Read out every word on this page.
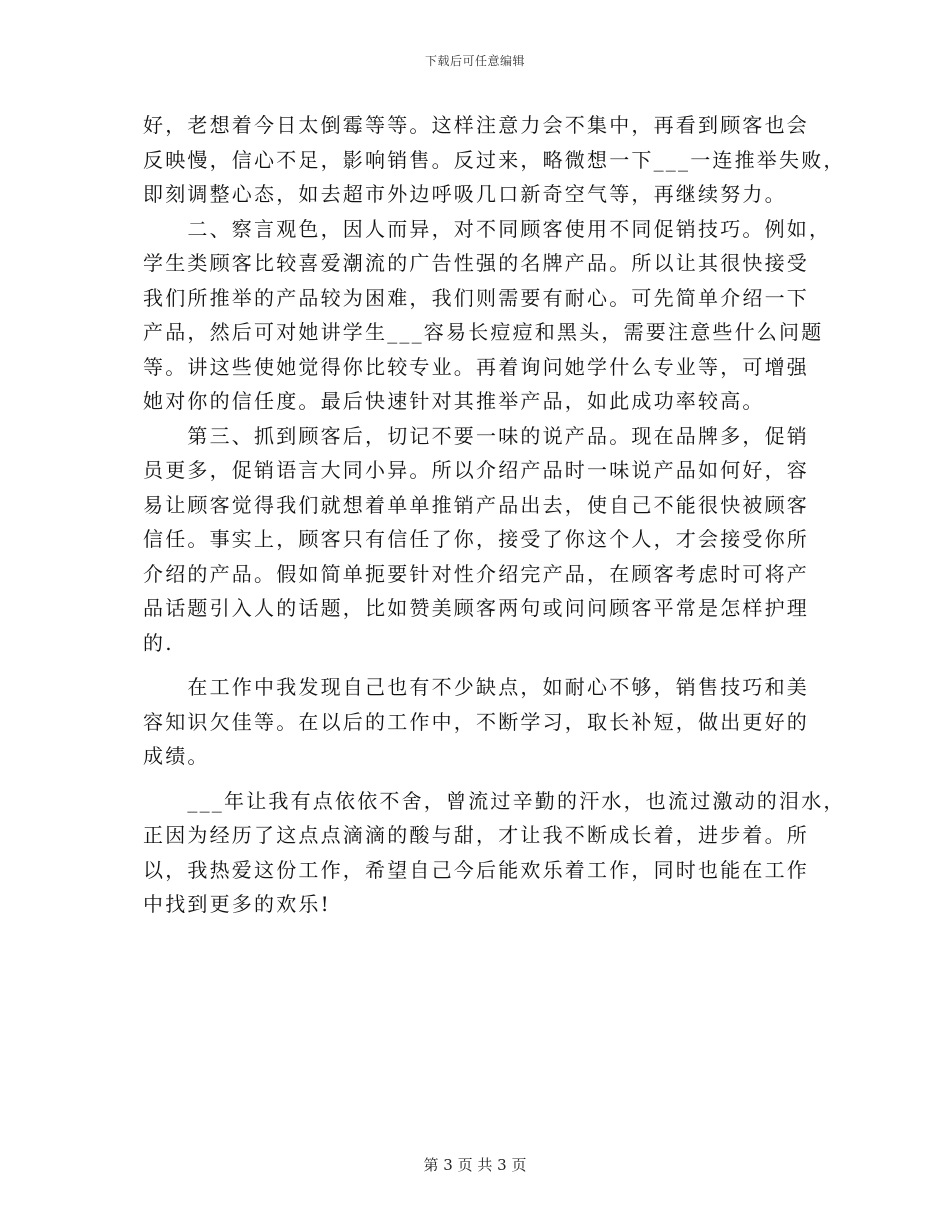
下载后可任意编辑

好，老想着今日太倒霉等等。这样注意力会不集中，再看到顾客也会

反映慢，信心不足，影响销售。反过来，略微想一下___一连推举失败，

即刻调整心态，如去超市外边呼吸几口新奇空气等，再继续努力。

　　二、察言观色，因人而异，对不同顾客使用不同促销技巧。例如，

学生类顾客比较喜爱潮流的广告性强的名牌产品。所以让其很快接受

我们所推举的产品较为困难，我们则需要有耐心。可先简单介绍一下

产品，然后可对她讲学生___容易长痘痘和黑头，需要注意些什么问题

等。讲这些使她觉得你比较专业。再着询问她学什么专业等，可增强

她对你的信任度。最后快速针对其推举产品，如此成功率较高。

　　第三、抓到顾客后，切记不要一味的说产品。现在品牌多，促销

员更多，促销语言大同小异。所以介绍产品时一味说产品如何好，容

易让顾客觉得我们就想着单单推销产品出去，使自己不能很快被顾客

信任。事实上，顾客只有信任了你，接受了你这个人，才会接受你所

介绍的产品。假如简单扼要针对性介绍完产品，在顾客考虑时可将产

品话题引入人的话题，比如赞美顾客两句或问问顾客平常是怎样护理

的.

　　在工作中我发现自己也有不少缺点，如耐心不够，销售技巧和美

容知识欠佳等。在以后的工作中，不断学习，取长补短，做出更好的

成绩。

　　___年让我有点依依不舍，曾流过辛勤的汗水，也流过激动的泪水，

正因为经历了这点点滴滴的酸与甜，才让我不断成长着，进步着。所

以，我热爱这份工作，希望自己今后能欢乐着工作，同时也能在工作

中找到更多的欢乐!

第 3 页 共 3 页
